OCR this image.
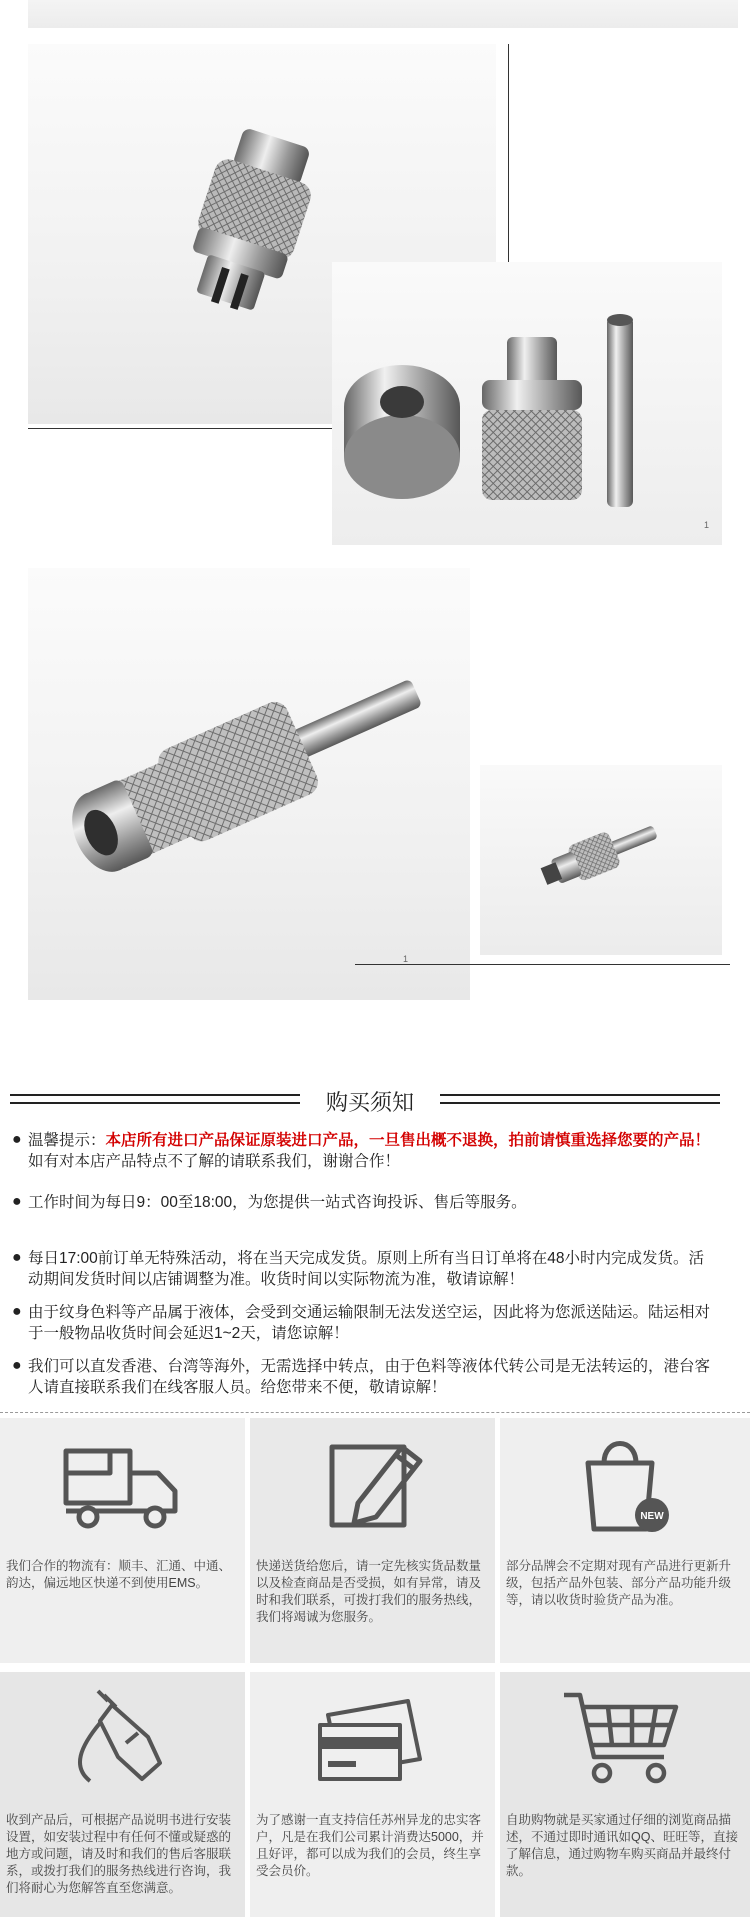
1
1
购买须知
● 温馨提示：本店所有进口产品保证原装进口产品，一旦售出概不退换，拍前请慎重选择您要的产品！如有对本店产品特点不了解的请联系我们，谢谢合作！
● 工作时间为每日9：00至18:00，为您提供一站式咨询投诉、售后等服务。
● 每日17:00前订单无特殊活动，将在当天完成发货。原则上所有当日订单将在48小时内完成发货。活动期间发货时间以店铺调整为准。收货时间以实际物流为准，敬请谅解！
● 由于纹身色料等产品属于液体，会受到交通运输限制无法发送空运，因此将为您派送陆运。陆运相对于一般物品收货时间会延迟1~2天，请您谅解！
● 我们可以直发香港、台湾等海外，无需选择中转点，由于色料等液体代转公司是无法转运的，港台客人请直接联系我们在线客服人员。给您带来不便，敬请谅解！
我们合作的物流有：顺丰、汇通、中通、韵达，偏远地区快递不到使用EMS。
快递送货给您后，请一定先核实货品数量以及检查商品是否受损，如有异常，请及时和我们联系，可拨打我们的服务热线，我们将竭诚为您服务。
NEW
部分品牌会不定期对现有产品进行更新升级，包括产品外包装、部分产品功能升级等，请以收货时验货产品为准。
收到产品后，可根据产品说明书进行安装设置，如安装过程中有任何不懂或疑惑的地方或问题，请及时和我们的售后客服联系，或拨打我们的服务热线进行咨询，我们将耐心为您解答直至您满意。
为了感谢一直支持信任苏州异龙的忠实客户，凡是在我们公司累计消费达5000，并且好评，都可以成为我们的会员，终生享受会员价。
自助购物就是买家通过仔细的浏览商品描述，不通过即时通讯如QQ、旺旺等，直接了解信息，通过购物车购买商品并最终付款。
